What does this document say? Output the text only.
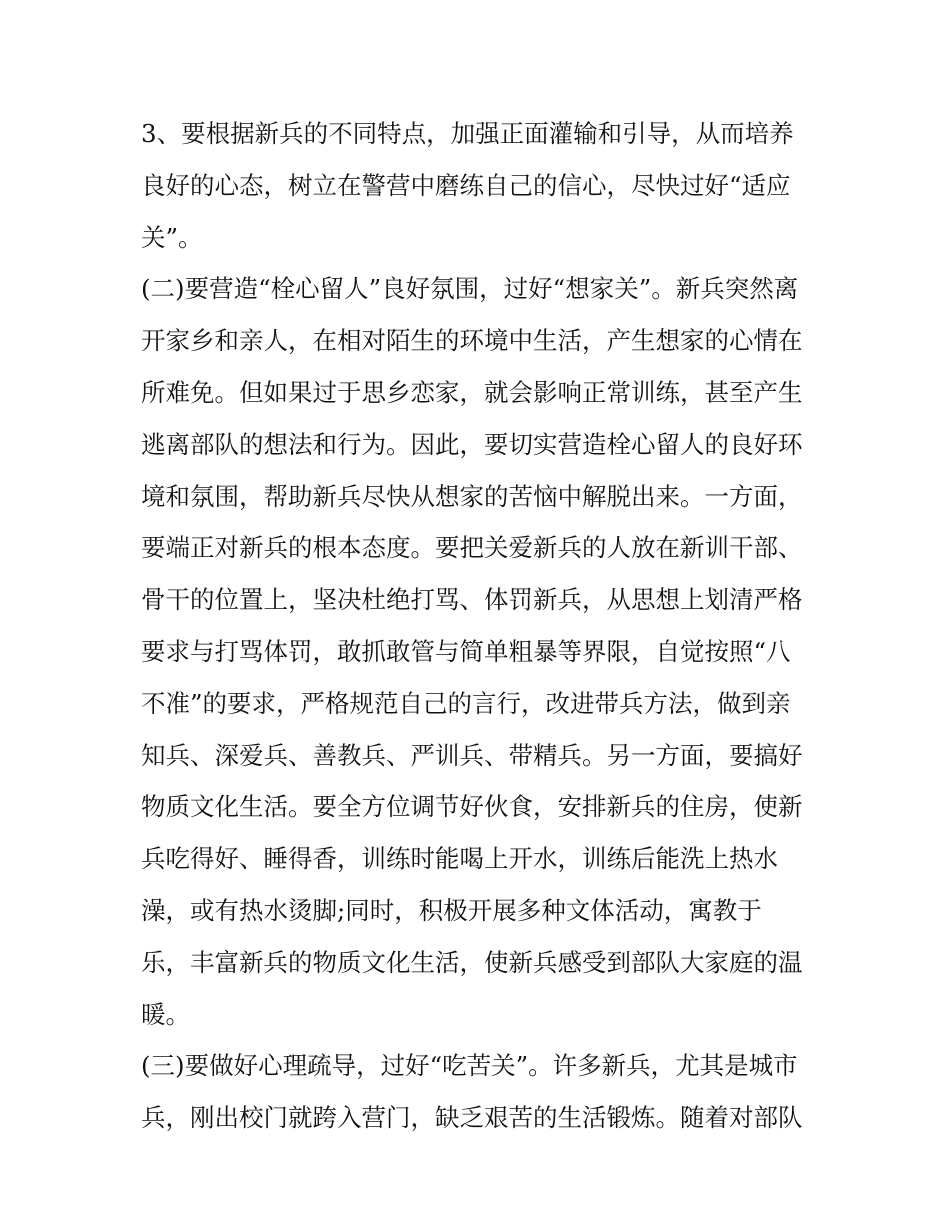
3、要根据新兵的不同特点，加强正面灌输和引导，从而培养
良好的心态，树立在警营中磨练自己的信心，尽快过好“适应
关”。
(二)要营造“栓心留人”良好氛围，过好“想家关”。新兵突然离
开家乡和亲人，在相对陌生的环境中生活，产生想家的心情在
所难免。但如果过于思乡恋家，就会影响正常训练，甚至产生
逃离部队的想法和行为。因此，要切实营造栓心留人的良好环
境和氛围，帮助新兵尽快从想家的苦恼中解脱出来。一方面，
要端正对新兵的根本态度。要把关爱新兵的人放在新训干部、
骨干的位置上，坚决杜绝打骂、体罚新兵，从思想上划清严格
要求与打骂体罚，敢抓敢管与简单粗暴等界限，自觉按照“八
不准”的要求，严格规范自己的言行，改进带兵方法，做到亲
知兵、深爱兵、善教兵、严训兵、带精兵。另一方面，要搞好
物质文化生活。要全方位调节好伙食，安排新兵的住房，使新
兵吃得好、睡得香，训练时能喝上开水，训练后能洗上热水
澡，或有热水烫脚;同时，积极开展多种文体活动，寓教于
乐，丰富新兵的物质文化生活，使新兵感受到部队大家庭的温
暖。
(三)要做好心理疏导，过好“吃苦关”。许多新兵，尤其是城市
兵，刚出校门就跨入营门，缺乏艰苦的生活锻炼。随着对部队
